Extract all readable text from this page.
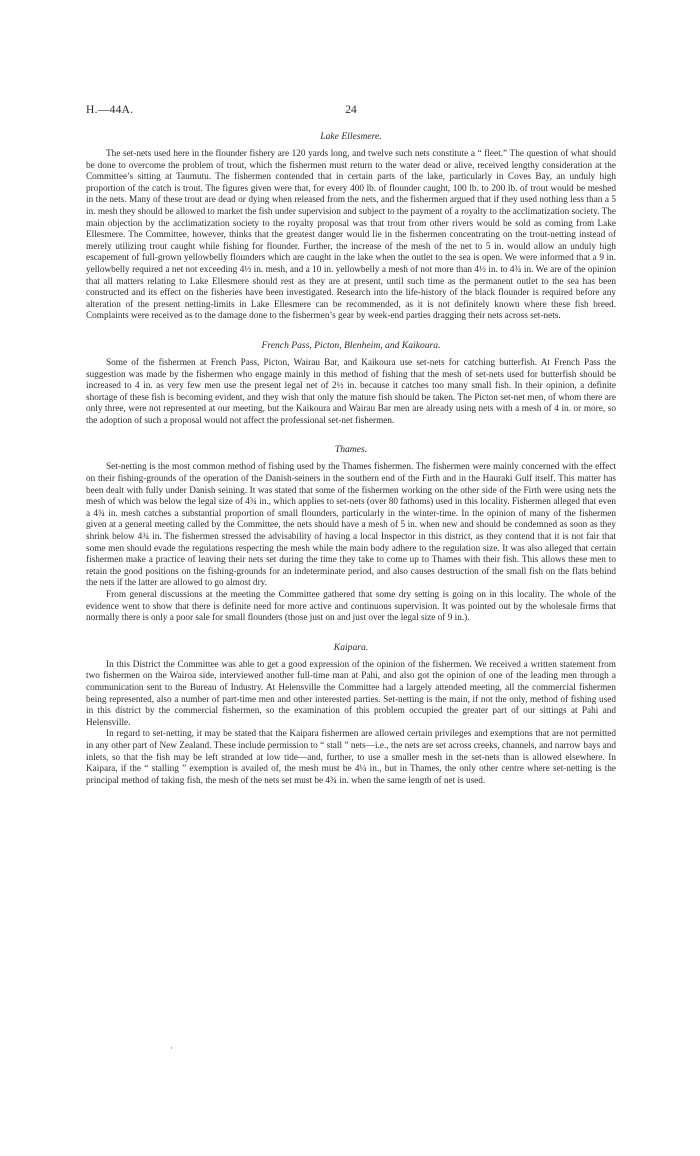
H.—44A.	24
Lake Ellesmere.

The set-nets used here in the flounder fishery are 120 yards long, and twelve such nets constitute a “ fleet.” The question of what should be done to overcome the problem of trout, which the fishermen must return to the water dead or alive, received lengthy consideration at the Committee’s sitting at Taumutu. The fishermen contended that in certain parts of the lake, particularly in Coves Bay, an unduly high proportion of the catch is trout. The figures given were that, for every 400 lb. of flounder caught, 100 lb. to 200 lb. of trout would be meshed in the nets. Many of these trout are dead or dying when released from the nets, and the fishermen argued that if they used nothing less than a 5 in. mesh they should be allowed to market the fish under supervision and subject to the payment of a royalty to the acclimatization society. The main objection by the acclimatization society to the royalty proposal was that trout from other rivers would be sold as coming from Lake Ellesmere. The Committee, however, thinks that the greatest danger would lie in the fishermen concentrating on the trout-netting instead of merely utilizing trout caught while fishing for flounder. Further, the increase of the mesh of the net to 5 in. would allow an unduly high escapement of full-grown yellowbelly flounders which are caught in the lake when the outlet to the sea is open. We were informed that a 9 in. yellowbelly required a net not exceeding 4½ in. mesh, and a 10 in. yellowbelly a mesh of not more than 4½ in. to 4¾ in. We are of the opinion that all matters relating to Lake Ellesmere should rest as they are at present, until such time as the permanent outlet to the sea has been constructed and its effect on the fisheries have been investigated. Research into the life-history of the black flounder is required before any alteration of the present netting-limits in Lake Ellesmere can be recommended, as it is not definitely known where these fish breed. Complaints were received as to the damage done to the fishermen’s gear by week-end parties dragging their nets across set-nets.

French Pass, Picton, Blenheim, and Kaikoura.

Some of the fishermen at French Pass, Picton, Wairau Bar, and Kaikoura use set-nets for catching butterfish. At French Pass the suggestion was made by the fishermen who engage mainly in this method of fishing that the mesh of set-nets used for butterfish should be increased to 4 in. as very few men use the present legal net of 2½ in. because it catches too many small fish. In their opinion, a definite shortage of these fish is becoming evident, and they wish that only the mature fish should be taken. The Picton set-net men, of whom there are only three, were not represented at our meeting, but the Kaikoura and Wairau Bar men are already using nets with a mesh of 4 in. or more, so the adoption of such a proposal would not affect the professional set-net fishermen.

Thames.

Set-netting is the most common method of fishing used by the Thames fishermen. The fishermen were mainly concerned with the effect on their fishing-grounds of the operation of the Danish-seiners in the southern end of the Firth and in the Hauraki Gulf itself. This matter has been dealt with fully under Danish seining. It was stated that some of the fishermen working on the other side of the Firth were using nets the mesh of which was below the legal size of 4¾ in., which applies to set-nets (over 80 fathoms) used in this locality. Fishermen alleged that even a 4¾ in. mesh catches a substantial proportion of small flounders, particularly in the winter-time. In the opinion of many of the fishermen given at a general meeting called by the Committee, the nets should have a mesh of 5 in. when new and should be condemned as soon as they shrink below 4¾ in. The fishermen stressed the advisability of having a local Inspector in this district, as they contend that it is not fair that some men should evade the regulations respecting the mesh while the main body adhere to the regulation size. It was also alleged that certain fishermen make a practice of leaving their nets set during the time they take to come up to Thames with their fish. This allows these men to retain the good positions on the fishing-grounds for an indeterminate period, and also causes destruction of the small fish on the flats behind the nets if the latter are allowed to go almost dry.

From general discussions at the meeting the Committee gathered that some dry setting is going on in this locality. The whole of the evidence went to show that there is definite need for more active and continuous supervision. It was pointed out by the wholesale firms that normally there is only a poor sale for small flounders (those just on and just over the legal size of 9 in.).

Kaipara.

In this District the Committee was able to get a good expression of the opinion of the fishermen. We received a written statement from two fishermen on the Wairoa side, interviewed another full-time man at Pahi, and also got the opinion of one of the leading men through a communication sent to the Bureau of Industry. At Helensville the Committee had a largely attended meeting, all the commercial fishermen being represented, also a number of part-time men and other interested parties. Set-netting is the main, if not the only, method of fishing used in this district by the commercial fishermen, so the examination of this problem occupied the greater part of our sittings at Pahi and Helensville.

In regard to set-netting, it may be stated that the Kaipara fishermen are allowed certain privileges and exemptions that are not permitted in any other part of New Zealand. These include permission to “ stall ” nets—i.e., the nets are set across creeks, channels, and narrow bays and inlets, so that the fish may be left stranded at low tide—and, further, to use a smaller mesh in the set-nets than is allowed elsewhere. In Kaipara, if the “ stalling ” exemption is availed of, the mesh must be 4¼ in., but in Thames, the only other centre where set-netting is the principal method of taking fish, the mesh of the nets set must be 4¾ in. when the same length of net is used.

·
